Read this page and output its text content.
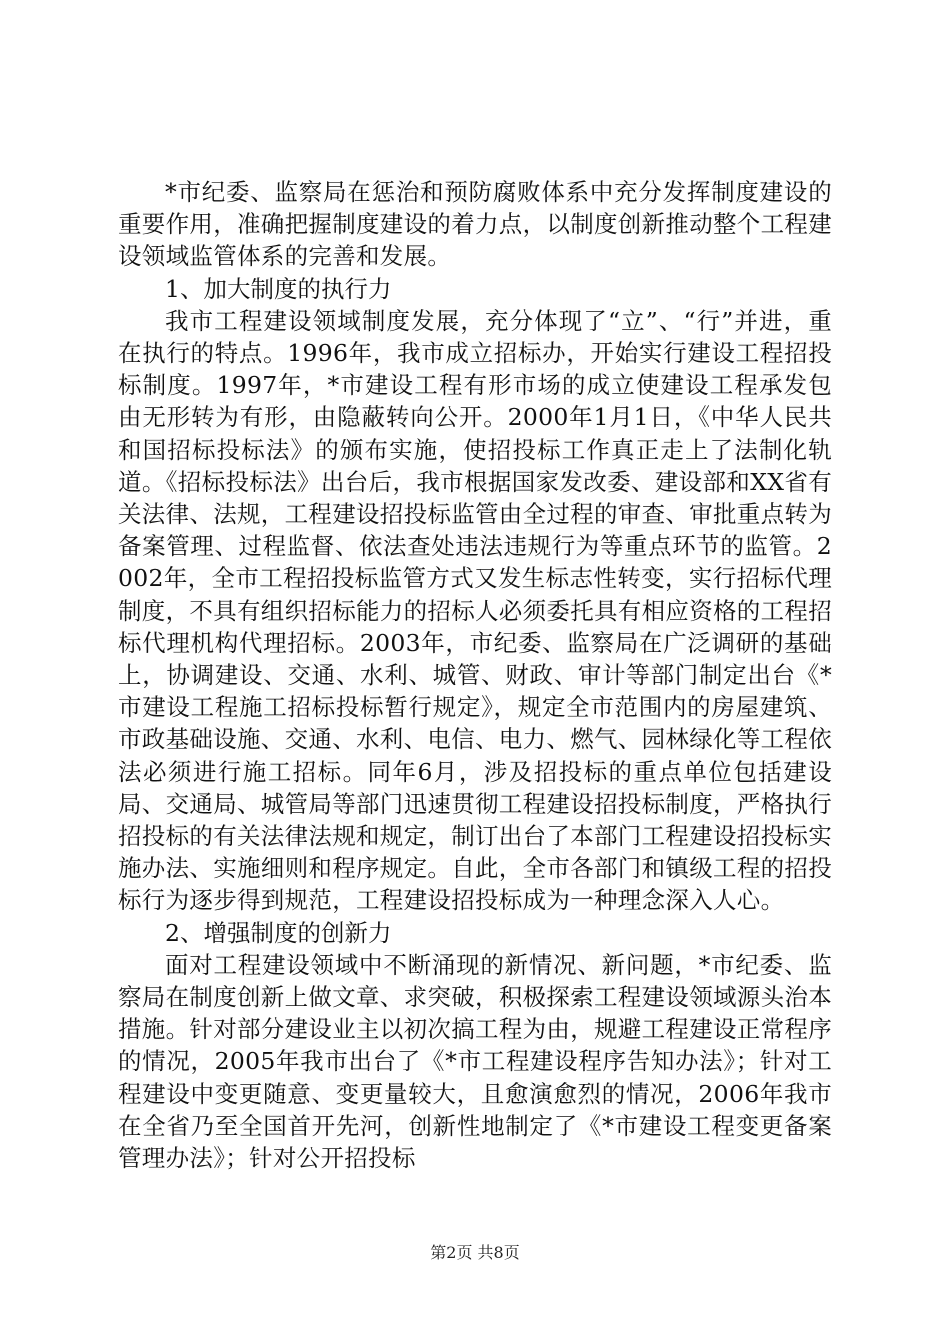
*市纪委、监察局在惩治和预防腐败体系中充分发挥制度建设的重要作用，准确把握制度建设的着力点，以制度创新推动整个工程建设领域监管体系的完善和发展。

1、加大制度的执行力

我市工程建设领域制度发展，充分体现了“立”、“行”并进，重在执行的特点。1996年，我市成立招标办，开始实行建设工程招投标制度。1997年，*市建设工程有形市场的成立使建设工程承发包由无形转为有形，由隐蔽转向公开。2000年1月1日，《中华人民共和国招标投标法》的颁布实施，使招投标工作真正走上了法制化轨道。《招标投标法》出台后，我市根据国家发改委、建设部和XX省有关法律、法规，工程建设招投标监管由全过程的审查、审批重点转为备案管理、过程监督、依法查处违法违规行为等重点环节的监管。2002年，全市工程招投标监管方式又发生标志性转变，实行招标代理制度，不具有组织招标能力的招标人必须委托具有相应资格的工程招标代理机构代理招标。2003年，市纪委、监察局在广泛调研的基础上，协调建设、交通、水利、城管、财政、审计等部门制定出台《*市建设工程施工招标投标暂行规定》，规定全市范围内的房屋建筑、市政基础设施、交通、水利、电信、电力、燃气、园林绿化等工程依法必须进行施工招标。同年6月，涉及招投标的重点单位包括建设局、交通局、城管局等部门迅速贯彻工程建设招投标制度，严格执行招投标的有关法律法规和规定，制订出台了本部门工程建设招投标实施办法、实施细则和程序规定。自此，全市各部门和镇级工程的招投标行为逐步得到规范，工程建设招投标成为一种理念深入人心。

2、增强制度的创新力

面对工程建设领域中不断涌现的新情况、新问题，*市纪委、监察局在制度创新上做文章、求突破，积极探索工程建设领域源头治本措施。针对部分建设业主以初次搞工程为由，规避工程建设正常程序的情况，2005年我市出台了《*市工程建设程序告知办法》；针对工程建设中变更随意、变更量较大，且愈演愈烈的情况，2006年我市在全省乃至全国首开先河，创新性地制定了《*市建设工程变更备案管理办法》；针对公开招投标

第2页 共8页
